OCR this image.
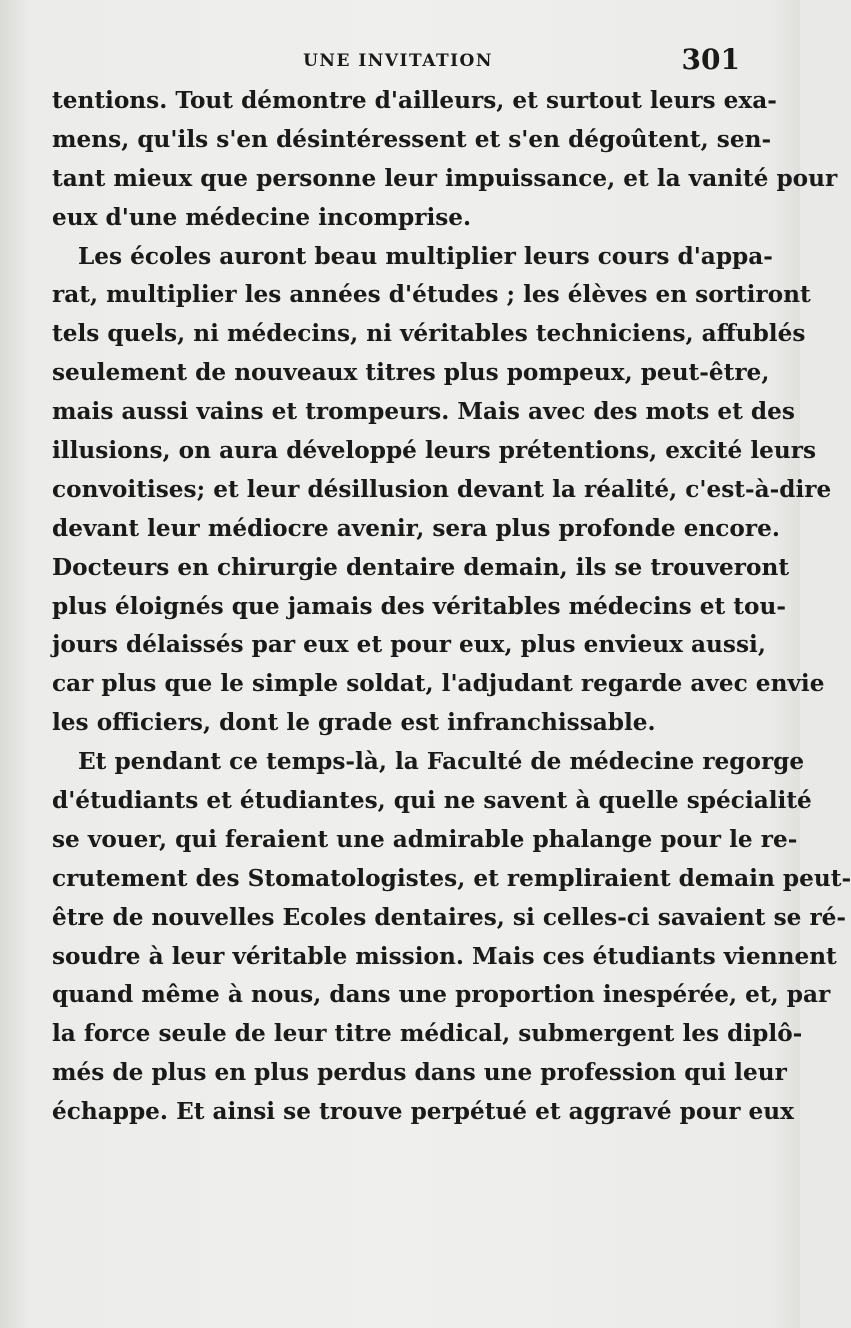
UNE INVITATION	301
tentions. Tout démontre d'ailleurs, et surtout leurs exa-
mens, qu'ils s'en désintéressent et s'en dégoûtent, sen-
tant mieux que personne leur impuissance, et la vanité pour
eux d'une médecine incomprise.
Les écoles auront beau multiplier leurs cours d'appa-
rat, multiplier les années d'études ; les élèves en sortiront
tels quels, ni médecins, ni véritables techniciens, affublés
seulement de nouveaux titres plus pompeux, peut-être,
mais aussi vains et trompeurs. Mais avec des mots et des
illusions, on aura développé leurs prétentions, excité leurs
convoitises; et leur désillusion devant la réalité, c'est-à-dire
devant leur médiocre avenir, sera plus profonde encore.
Docteurs en chirurgie dentaire demain, ils se trouveront
plus éloignés que jamais des véritables médecins et tou-
jours délaissés par eux et pour eux, plus envieux aussi,
car plus que le simple soldat, l'adjudant regarde avec envie
les officiers, dont le grade est infranchissable.
Et pendant ce temps-là, la Faculté de médecine regorge
d'étudiants et étudiantes, qui ne savent à quelle spécialité
se vouer, qui feraient une admirable phalange pour le re-
crutement des Stomatologistes, et rempliraient demain peut-
être de nouvelles Ecoles dentaires, si celles-ci savaient se ré-
soudre à leur véritable mission. Mais ces étudiants viennent
quand même à nous, dans une proportion inespérée, et, par
la force seule de leur titre médical, submergent les diplô-
més de plus en plus perdus dans une profession qui leur
échappe. Et ainsi se trouve perpétué et aggravé pour eux
